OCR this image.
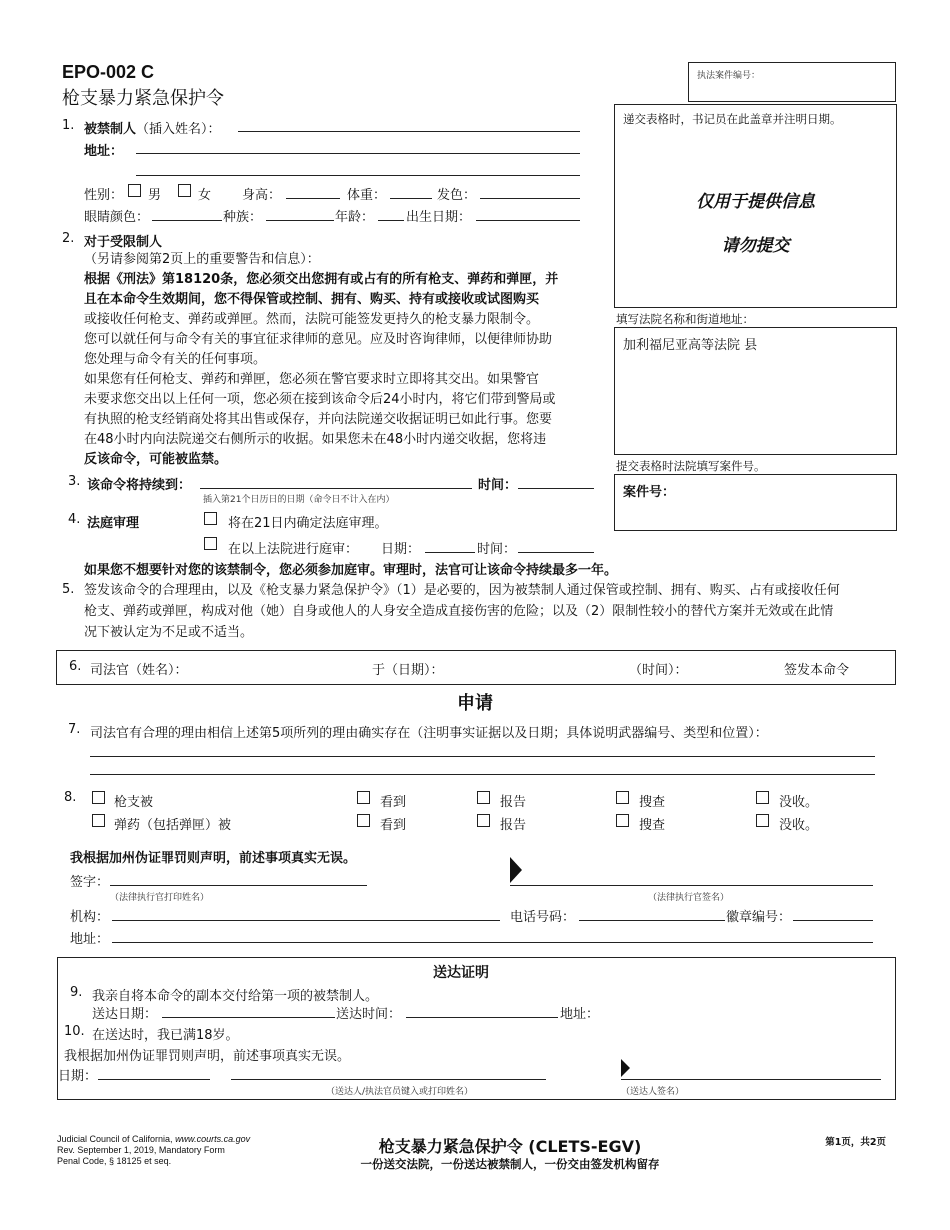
EPO-002 C
枪支暴力紧急保护令
执法案件编号：
递交表格时，书记员在此盖章并注明日期。
仅用于提供信息
请勿提交
填写法院名称和街道地址：
加利福尼亚高等法院 县
提交表格时法院填写案件号。
案件号：
1. 被禁制人（插入姓名）：
地址：
性别： 男	女 身高：	体重：	发色：
眼睛颜色：	种族：	年龄： 出生日期：
2. 对于受限制人

（另请参阅第2页上的重要警告和信息）：

根据《刑法》第18120条，您必须交出您拥有或占有的所有枪支、弹药和弹匣，并

且在本命令生效期间，您不得保管或控制、拥有、购买、持有或接收或试图购买

或接收任何枪支、弹药或弹匣。然而，法院可能签发更持久的枪支暴力限制令。

您可以就任何与命令有关的事宜征求律师的意见。应及时咨询律师，以便律师协助

您处理与命令有关的任何事项。

如果您有任何枪支、弹药和弹匣，您必须在警官要求时立即将其交出。如果警官

未要求您交出以上任何一项，您必须在接到该命令后24小时内，将它们带到警局或

有执照的枪支经销商处将其出售或保存，并向法院递交收据证明已如此行事。您要

在48小时内向法院递交右侧所示的收据。如果您未在48小时内递交收据，您将违

反该命令，可能被监禁。

3. 该命令将持续到：	时间：
插入第21个日历日的日期（命令日不计入在内）
4. 法庭审理	将在21日内确定法庭审理。
在以上法院进行庭审： 日期：	时间：
如果您不想要针对您的该禁制令，您必须参加庭审。审理时，法官可让该命令持续最多一年。
5. 签发该命令的合理理由，以及《枪支暴力紧急保护令》（1）是必要的，因为被禁制人通过保管或控制、拥有、购买、占有或接收任何

枪支、弹药或弹匣，构成对他（她）自身或他人的人身安全造成直接伤害的危险；以及（2）限制性较小的替代方案并无效或在此情

况下被认定为不足或不适当。

6. 司法官（姓名）：	于（日期）：	（时间）：	签发本命令
申请
7. 司法官有合理的理由相信上述第5项所列的理由确实存在（注明事实证据以及日期；具体说明武器编号、类型和位置）：
8.	枪支被	看到	报告	搜查	没收。
弹药（包括弹匣）被	看到	报告	搜查	没收。
我根据加州伪证罪罚则声明，前述事项真实无误。
签字：
（法律执行官打印姓名）	（法律执行官签名）
机构：	电话号码：	徽章编号：
地址：
送达证明
9. 我亲自将本命令的副本交付给第一项的被禁制人。
送达日期：	送达时间：	地址：
10. 在送达时，我已满18岁。
我根据加州伪证罪罚则声明，前述事项真实无误。
日期：
（送达人/执法官员键入或打印姓名）	（送达人签名）
Judicial Council of California, www.courts.ca.gov
Rev. September 1, 2019, Mandatory Form
Penal Code, § 18125 et seq.
枪支暴力紧急保护令 (CLETS-EGV)
一份送交法院，一份送达被禁制人，一份交由签发机构留存
第1页，共2页
